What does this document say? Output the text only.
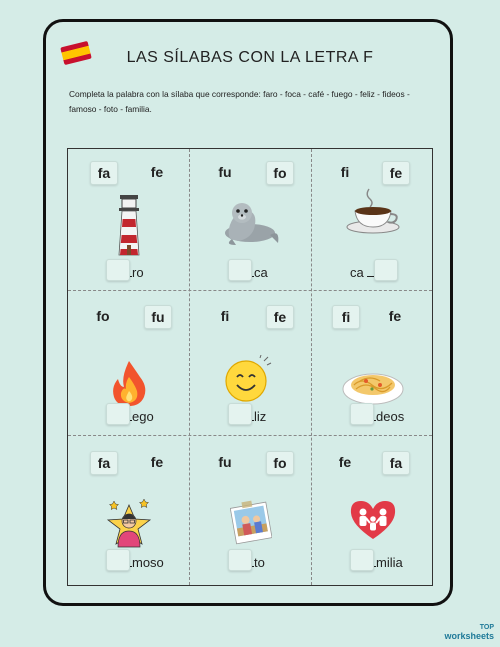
LAS SÍLABAS CON LA LETRA F
Completa la palabra con la sílaba que corresponde: faro - foca - café - fuego - feliz - fideos - famoso - foto - familia.
fa	fe
ro
fu	fo
ca
fi	fe
ca
fo	fu
ego
fi	fe
liz
fi	fe
deos
fa	fe
moso
fu	fo
to
fe	fa
milia
TOP
worksheets
